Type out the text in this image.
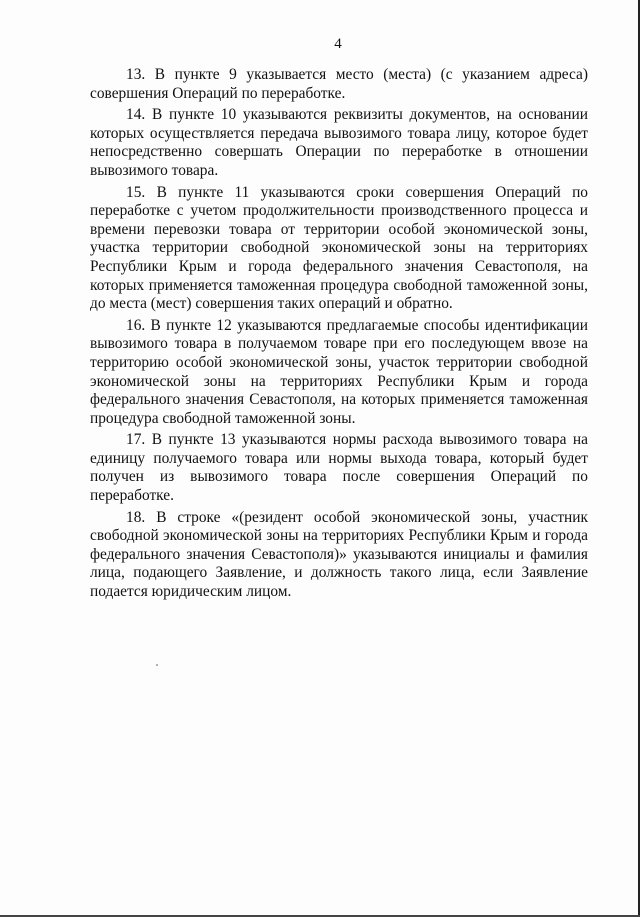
4

13. В пункте 9 указывается место (места) (с указанием адреса) совершения Операций по переработке.

14. В пункте 10 указываются реквизиты документов, на основании которых осуществляется передача вывозимого товара лицу, которое будет непосредственно совершать Операции по переработке в отношении вывозимого товара.

15. В пункте 11 указываются сроки совершения Операций по переработке с учетом продолжительности производственного процесса и времени перевозки товара от территории особой экономической зоны, участка территории свободной экономической зоны на территориях Республики Крым и города федерального значения Севастополя, на которых применяется таможенная процедура свободной таможенной зоны, до места (мест) совершения таких операций и обратно.

16. В пункте 12 указываются предлагаемые способы идентификации вывозимого товара в получаемом товаре при его последующем ввозе на территорию особой экономической зоны, участок территории свободной экономической зоны на территориях Республики Крым и города федерального значения Севастополя, на которых применяется таможенная процедура свободной таможенной зоны.

17. В пункте 13 указываются нормы расхода вывозимого товара на единицу получаемого товара или нормы выхода товара, который будет получен из вывозимого товара после совершения Операций по переработке.

18. В строке «(резидент особой экономической зоны, участник свободной экономической зоны на территориях Республики Крым и города федерального значения Севастополя)» указываются инициалы и фамилия лица, подающего Заявление, и должность такого лица, если Заявление подается юридическим лицом.
